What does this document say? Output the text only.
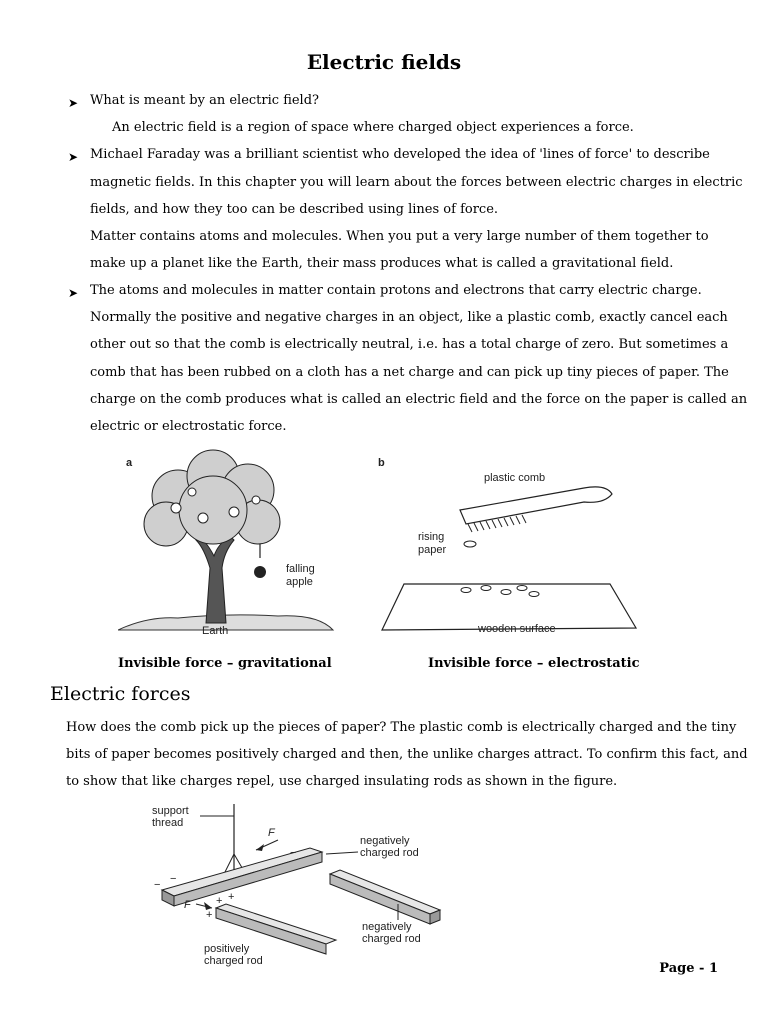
Electric fields
➤ What is meant by an electric field?
An electric field is a region of space where charged object experiences a force.
➤ Michael Faraday was a brilliant scientist who developed the idea of 'lines of force' to describe
magnetic fields. In this chapter you will learn about the forces between electric charges in electric
fields, and how they too can be described using lines of force.
Matter contains atoms and molecules. When you put a very large number of them together to
make up a planet like the Earth, their mass produces what is called a gravitational field.
➤ The atoms and molecules in matter contain protons and electrons that carry electric charge.
Normally the positive and negative charges in an object, like a plastic comb, exactly cancel each
other out so that the comb is electrically neutral, i.e. has a total charge of zero. But sometimes a
comb that has been rubbed on a cloth has a net charge and can pick up tiny pieces of paper. The
charge on the comb produces what is called an electric field and the force on the paper is called an
electric or electrostatic force.
a
falling
apple
Earth
b
plastic comb
rising
paper
wooden surface
Invisible force – gravitational	Invisible force – electrostatic
Electric forces
How does the comb pick up the pieces of paper? The plastic comb is electrically charged and the tiny
bits of paper becomes positively charged and then, the unlike charges attract. To confirm this fact, and
to show that like charges repel, use charged insulating rods as shown in the figure.
support
thread
F
− −
−
negatively
charged rod
negatively
charged rod
F
+
+ +
positively
charged rod	Page - 1
